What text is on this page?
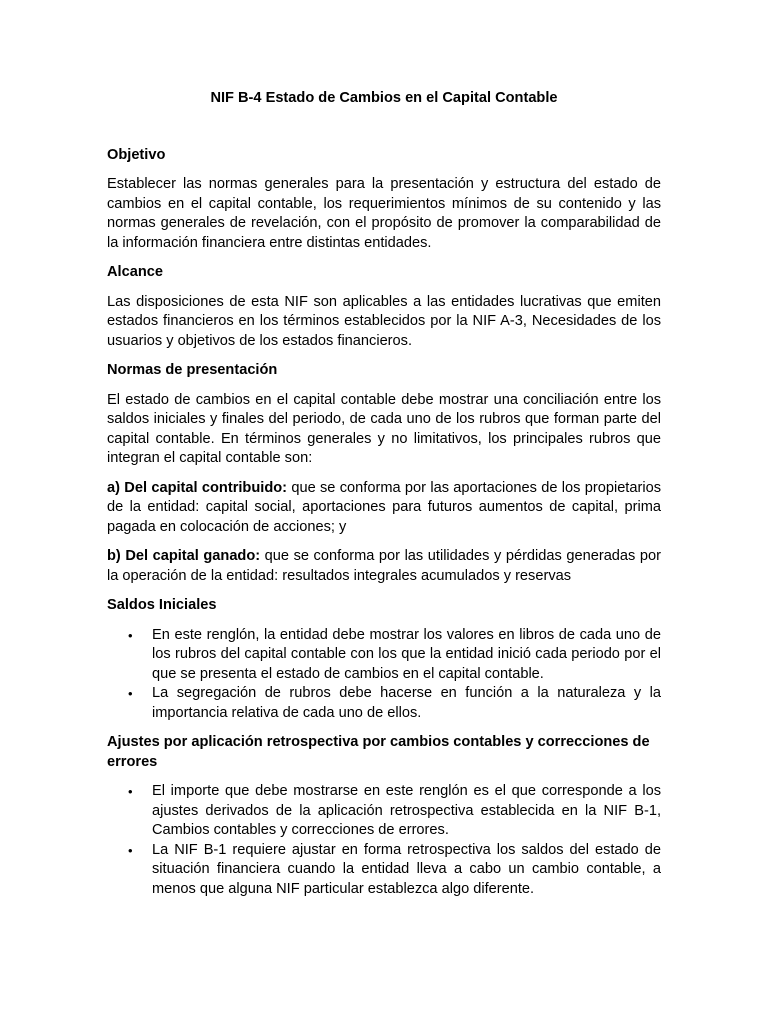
NIF B-4 Estado de Cambios en el Capital Contable
Objetivo

Establecer las normas generales para la presentación y estructura del estado de cambios en el capital contable, los requerimientos mínimos de su contenido y las normas generales de revelación, con el propósito de promover la comparabilidad de la información financiera entre distintas entidades.

Alcance

Las disposiciones de esta NIF son aplicables a las entidades lucrativas que emiten estados financieros en los términos establecidos por la NIF A-3, Necesidades de los usuarios y objetivos de los estados financieros.

Normas de presentación

El estado de cambios en el capital contable debe mostrar una conciliación entre los saldos iniciales y finales del periodo, de cada uno de los rubros que forman parte del capital contable. En términos generales y no limitativos, los principales rubros que integran el capital contable son:

a) Del capital contribuido: que se conforma por las aportaciones de los propietarios de la entidad: capital social, aportaciones para futuros aumentos de capital, prima pagada en colocación de acciones; y

b) Del capital ganado: que se conforma por las utilidades y pérdidas generadas por la operación de la entidad: resultados integrales acumulados y reservas

Saldos Iniciales
• En este renglón, la entidad debe mostrar los valores en libros de cada uno de los rubros del capital contable con los que la entidad inició cada periodo por el que se presenta el estado de cambios en el capital contable.
• La segregación de rubros debe hacerse en función a la naturaleza y la importancia relativa de cada uno de ellos.
Ajustes por aplicación retrospectiva por cambios contables y correcciones de errores
• El importe que debe mostrarse en este renglón es el que corresponde a los ajustes derivados de la aplicación retrospectiva establecida en la NIF B-1, Cambios contables y correcciones de errores.
• La NIF B-1 requiere ajustar en forma retrospectiva los saldos del estado de situación financiera cuando la entidad lleva a cabo un cambio contable, a menos que alguna NIF particular establezca algo diferente.
